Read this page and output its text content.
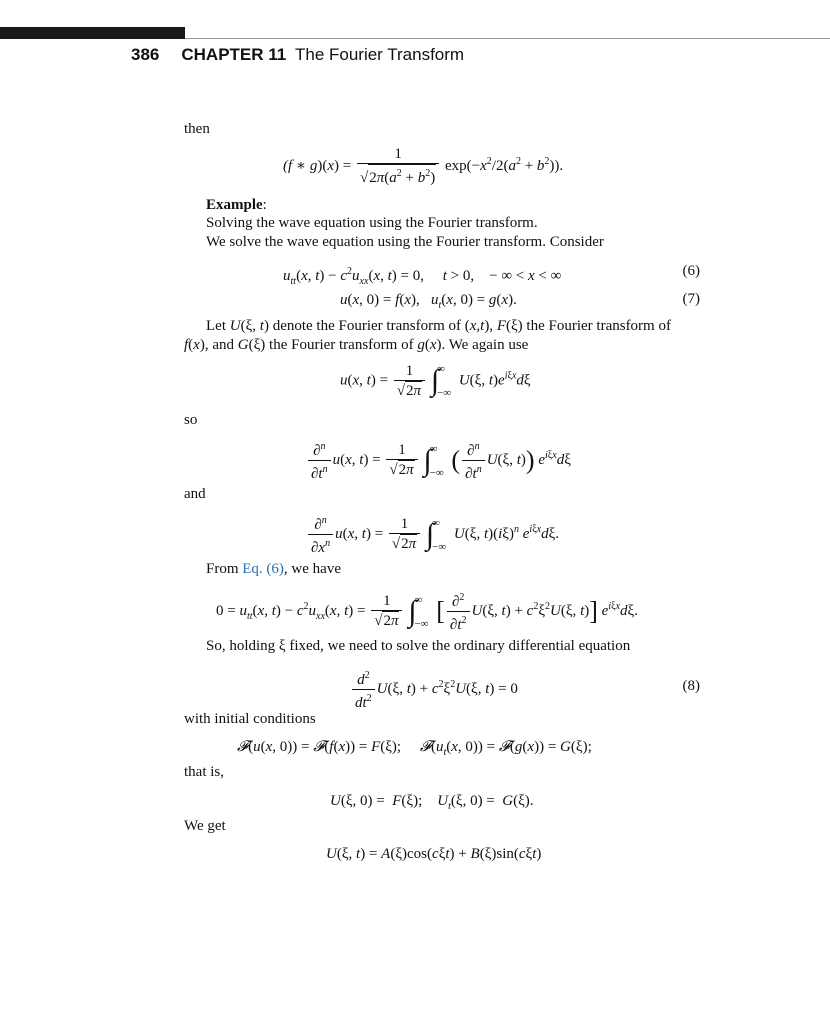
386 CHAPTER 11 The Fourier Transform
then
(f ∗ $g)(x) = \frac{1}{√2\pi(a^2 + b^2)} \exp(-x^2/2(a^2 + b^2))$.
Example:
Solving the wave equation using the Fourier transform.
We solve the wave equation using the Fourier transform. Consider
$u_{tt}(x$, $t) - c^2u_{xx}(x$, t) = 0,     t > 0,    − ∞ < x < ∞	(6)
u(x, 0) = f(x),   $u_t(x$, 0) = g(x).	(7)
Let U(ξ, t) denote the Fourier transform of (x,t), F(ξ) the Fourier transform of
f(x), and G(ξ) the Fourier transform of g(x). We again use
u(x, $t) = \frac{1}{√2\pi}$ ∫
∞
−∞
U(ξ, $t)e^{i\xi x}d\xi$
so
$\frac{\partial^n}{\partial t^n} u(x$, $t) = \frac{1}{√2\pi}$ ∫
∞
−∞ ( $\frac{\partial^n}{\partial t^n} U(\xi$, t)) $e^{i\xi x}d\xi$
and
$\frac{\partial^n}{\partial x^n} u(x$, $t) = \frac{1}{√2\pi}$ ∫
∞
−∞
U(ξ, $t)(i\xi)^n$ $e^{i\xi x}d\xi$.
From Eq. (6), we have
$0 = u_{tt}(x$, $t) - c^2u_{xx}(x$, $t) = \frac{1}{√2\pi}$ ∫
∞
−∞ [ $\frac{\partial^2}{\partial t^2} U(\xi$, $t) + c^2\xi^2U(\xi$, t)] $e^{i\xi x}d\xi$.
So, holding ξ fixed, we need to solve the ordinary differential equation
$\frac{d^2}{dt^2} U(\xi$, $t) + c^2\xi^2U(\xi$, t) = 0	(8)
with initial conditions
𝓕(u(x, 0)) = 𝓕(f(x)) = F(ξ);     $𝓕(u_t(x$, 0)) = 𝓕(g(x)) = G(ξ);
that is,
U(ξ, 0) =  F(ξ);    $U_t(\xi$, 0) =  G(ξ).
We get
U(ξ, t) = A(ξ)cos(cξt) + B(ξ)sin(cξt)
